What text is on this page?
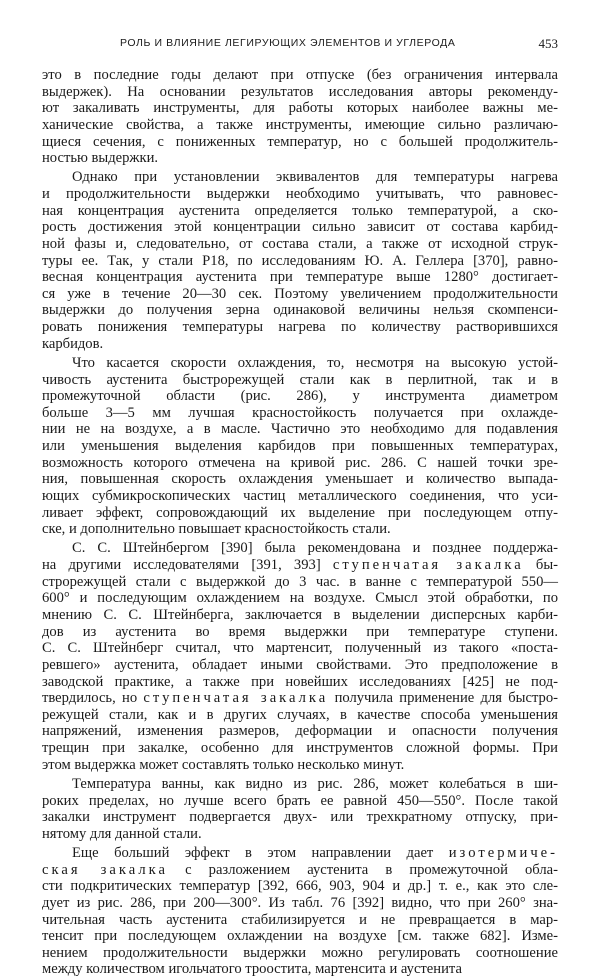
РОЛЬ И ВЛИЯНИЕ ЛЕГИРУЮЩИХ ЭЛЕМЕНТОВ И УГЛЕРОДА	453
это в последние годы делают при отпуске (без ограничения интервала
выдержек). На основании результатов исследования авторы рекоменду-
ют закаливать инструменты, для работы которых наиболее важны ме-
ханические свойства, а также инструменты, имеющие сильно различаю-
щиеся сечения, с пониженных температур, но с большей продолжитель-
ностью выдержки.
Однако при установлении эквивалентов для температуры нагрева
и продолжительности выдержки необходимо учитывать, что равновес-
ная концентрация аустенита определяется только температурой, а ско-
рость достижения этой концентрации сильно зависит от состава карбид-
ной фазы и, следовательно, от состава стали, а также от исходной струк-
туры ее. Так, у стали Р18, по исследованиям Ю. А. Геллера [370], равно-
весная концентрация аустенита при температуре выше 1280° достигает-
ся уже в течение 20—30 сек. Поэтому увеличением продолжительности
выдержки до получения зерна одинаковой величины нельзя скомпенси-
ровать понижения температуры нагрева по количеству растворившихся
карбидов.
Что касается скорости охлаждения, то, несмотря на высокую устой-
чивость аустенита быстрорежущей стали как в перлитной, так и в
промежуточной области (рис. 286), у инструмента диаметром
больше 3—5 мм лучшая красностойкость получается при охлажде-
нии не на воздухе, а в масле. Частично это необходимо для подавления
или уменьшения выделения карбидов при повышенных температурах,
возможность которого отмечена на кривой рис. 286. С нашей точки зре-
ния, повышенная скорость охлаждения уменьшает и количество выпада-
ющих субмикроскопических частиц металлического соединения, что уси-
ливает эффект, сопровождающий их выделение при последующем отпу-
ске, и дополнительно повышает красностойкость стали.
С. С. Штейнбергом [390] была рекомендована и позднее поддержа-
на другими исследователями [391, 393] ступенчатая закалка бы-
строрежущей стали с выдержкой до 3 час. в ванне с температурой 550—
600° и последующим охлаждением на воздухе. Смысл этой обработки, по
мнению С. С. Штейнберга, заключается в выделении дисперсных карби-
дов из аустенита во время выдержки при температуре ступени.
С. С. Штейнберг считал, что мартенсит, полученный из такого «поста-
ревшего» аустенита, обладает иными свойствами. Это предположение в
заводской практике, а также при новейших исследованиях [425] не под-
твердилось, но ступенчатая закалка получила применение для быстро-
режущей стали, как и в других случаях, в качестве способа уменьшения
напряжений, изменения размеров, деформации и опасности получения
трещин при закалке, особенно для инструментов сложной формы. При
этом выдержка может составлять только несколько минут.
Температура ванны, как видно из рис. 286, может колебаться в ши-
роких пределах, но лучше всего брать ее равной 450—550°. После такой
закалки инструмент подвергается двух- или трехкратному отпуску, при-
нятому для данной стали.
Еще больший эффект в этом направлении дает изотермиче-
ская закалка с разложением аустенита в промежуточной обла-
сти подкритических температур [392, 666, 903, 904 и др.] т. е., как это сле-
дует из рис. 286, при 200—300°. Из табл. 76 [392] видно, что при 260° зна-
чительная часть аустенита стабилизируется и не превращается в мар-
тенсит при последующем охлаждении на воздухе [см. также 682]. Изме-
нением продолжительности выдержки можно регулировать соотношение
между количеством игольчатого троостита, мартенсита и аустенита
